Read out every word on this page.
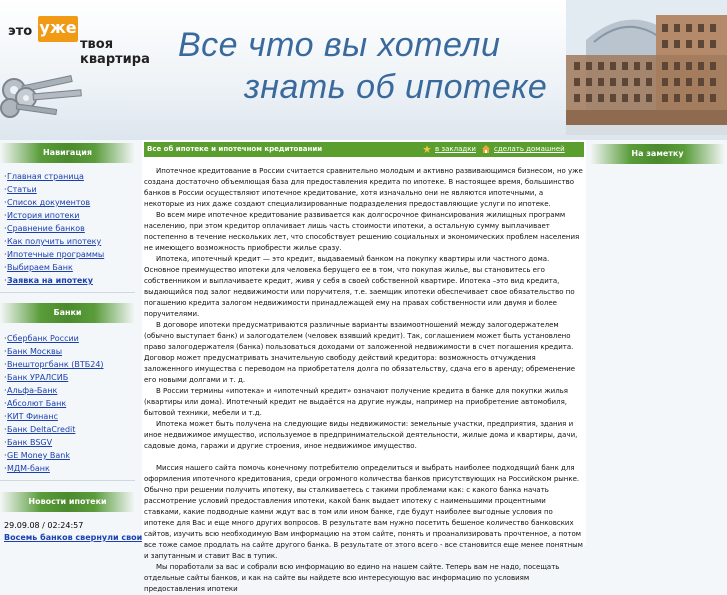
это уже
твоя
квартира Все что вы хотели
знать об ипотеке
Навигация
·Главная страница
·Статьи
·Список документов
·История ипотеки
·Сравнение банков
·Как получить ипотеку
·Ипотечные программы
·Выбираем Банк
·Заявка на ипотеку
Банки
·Сбербанк России
·Банк Москвы
·Внешторгбанк (ВТБ24)
·Банк УРАЛСИБ
·Альфа-Банк
·Абсолют Банк
·КИТ Финанс
·Банк DeltaCredit
·Банк BSGV
·GE Money Bank
·МДМ-банк
Новости ипотеки
29.09.08 / 02:24:57
Восемь банков свернули свои
На заметку
Все об ипотеке и ипотечном кредитовании	в закладки	сделать домашней

Ипотечное кредитование в России считается сравнительно молодым и активно развивающимся бизнесом, но уже создана достаточно объемлющая база для предоставления кредита по ипотеке. В настоящее время, большинство банков в России осуществляют ипотечное кредитование, хотя изначально они не являются ипотечными, а некоторые из них даже создают специализированные подразделения предоставляющие услуги по ипотеке.

Во всем мире ипотечное кредитование развивается как долгосрочное финансирования жилищных программ населению, при этом кредитор оплачивает лишь часть стоимости ипотеки, а остальную сумму выплачивает постепенно в течение нескольких лет, что способствует решению социальных и экономических проблем населения не имеющего возможность приобрести жилье сразу.

Ипотека, ипотечный кредит — это кредит, выдаваемый банком на покупку квартиры или частного дома. Основное преимущество ипотеки для человека берущего ее в том, что покупая жилье, вы становитесь его собственником и выплачиваете кредит, живя у себя в своей собственной квартире. Ипотека –это вид кредита, выдающийся под залог недвижимости или поручителя, т.е. заемщик ипотеки обеспечивает свое обязательство по погашению кредита залогом недвижимости принадлежащей ему на правах собственности или двумя и более поручителями.

В договоре ипотеки предусматриваются различные варианты взаимоотношений между залогодержателем (обычно выступает банк) и залогодателем (человек взявший кредит). Так, соглашением может быть установлено право залогодержателя (банка) пользоваться доходами от заложенной недвижимости в счет погашения кредита. Договор может предусматривать значительную свободу действий кредитора: возможность отчуждения заложенного имущества с переводом на приобретателя долга по обязательству, сдача его в аренду; обременение его новыми долгами и т. д.

В России термины «ипотека» и «ипотечный кредит» означают получение кредита в банке для покупки жилья (квартиры или дома). Ипотечный кредит не выдаётся на другие нужды, например на приобретение автомобиля, бытовой техники, мебели и т.д.

Ипотека может быть получена на следующие виды недвижимости: земельные участки, предприятия, здания и иное недвижимое имущество, используемое в предпринимательской деятельности, жилые дома и квартиры, дачи, садовые дома, гаражи и другие строения, иное недвижимое имущество.

Миссия нашего сайта помочь конечному потребителю определиться и выбрать наиболее подходящий банк для оформления ипотечного кредитования, среди огромного количества банков присутствующих на Российском рынке. Обычно при решении получить ипотеку, вы сталкиваетесь с такими проблемами как: с какого банка начать рассмотрение условий предоставления ипотеки, какой банк выдает ипотеку с наименьшими процентными ставками, какие подводные камни ждут вас в том или ином банке, где будут наиболее выгодные условия по ипотеке для Вас и еще много других вопросов. В результате вам нужно посетить бешеное количество банковских сайтов, изучить всю необходимую Вам информацию на этом сайте, понять и проанализировать прочтенное, а потом все тоже самое продлать на сайте другого банка. В результате от этого всего - все становится еще менее понятным и запутанным и ставит Вас в тупик.

Мы поработали за вас и собрали всю информацию во едино на нашем сайте. Теперь вам не надо, посещать отдельные сайты банков, и как на сайте вы найдете всю интересующую вас информацию по условиям предоставления ипотеки
